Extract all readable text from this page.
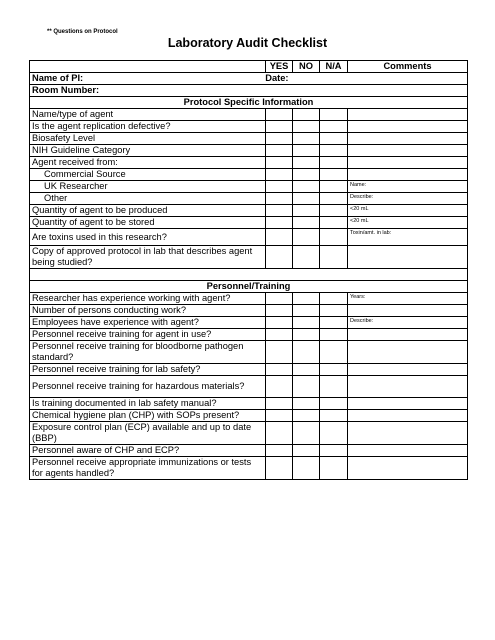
** Questions on Protocol
Laboratory Audit Checklist
	YES	NO	N/A	Comments

Name of PI: Date:				

Room Number:				
Protocol Specific Information				
Name/type of agent				
Is the agent replication defective?				
Biosafety Level				
NIH Guideline Category				
Agent received from:				
Commercial Source				
UK Researcher				Name:
Other				Describe:
Quantity of agent to be produced				<20 mL
Quantity of agent to be stored				<20 mL
Are toxins used in this research?				Toxin/amt. in lab:
Copy of approved protocol in lab that describes agent being studied?				

Personnel/Training				
Researcher has experience working with agent?				Years:
Number of persons conducting work?				
Employees have experience with agent?				Describe:
Personnel receive training for agent in use?				
Personnel receive training for bloodborne pathogen standard?				
Personnel receive training for lab safety?				
Personnel receive training for hazardous materials?				
Is training documented in lab safety manual?				
Chemical hygiene plan (CHP) with SOPs present?				
Exposure control plan (ECP) available and up to date (BBP)				
Personnel aware of CHP and ECP?				
Personnel receive appropriate immunizations or tests for agents handled?				
